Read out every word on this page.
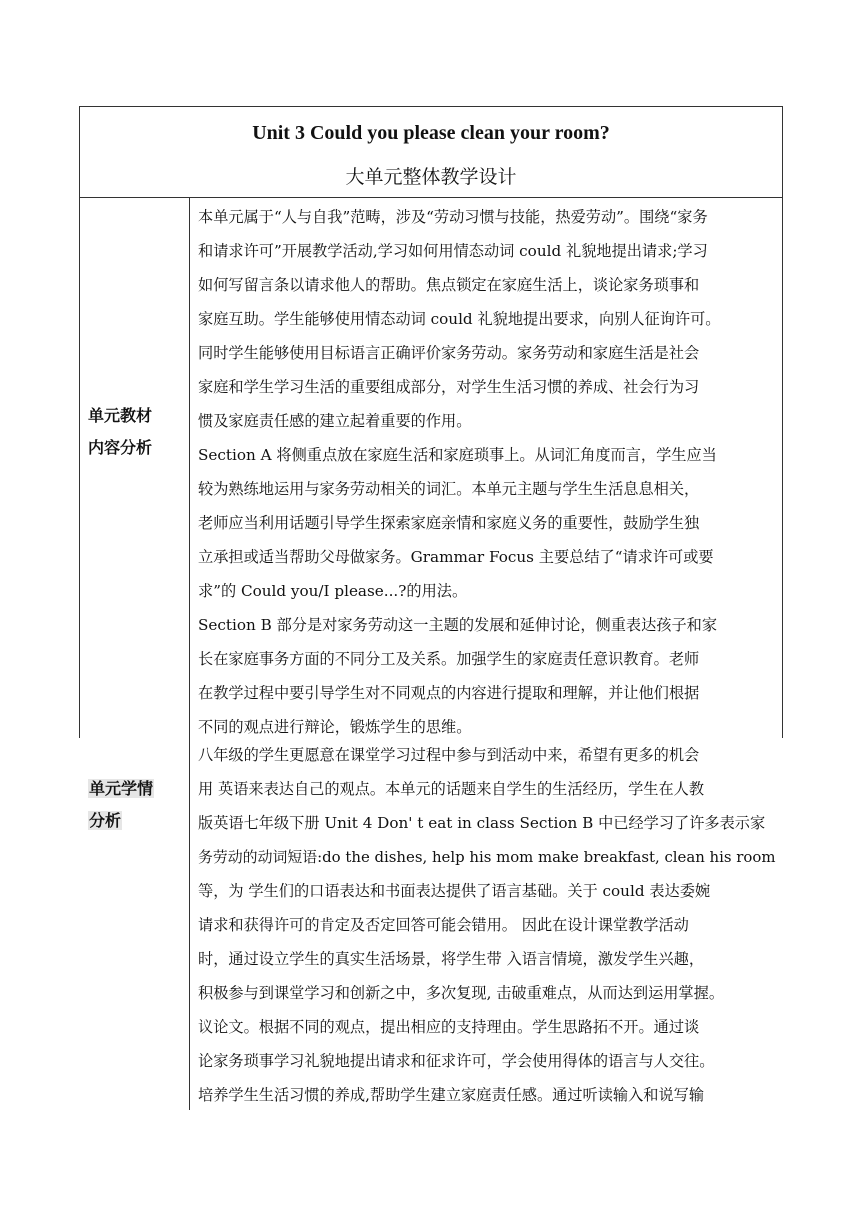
Unit 3 Could you please clean your room?
大单元整体教学设计
单元教材
内容分析
单元学情
分析
本单元属于“人与自我”范畴，涉及“劳动习惯与技能，热爱劳动”。围绕“家务
和请求许可”开展教学活动,学习如何用情态动词 could 礼貌地提出请求;学习
如何写留言条以请求他人的帮助。焦点锁定在家庭生活上，谈论家务琐事和
家庭互助。学生能够使用情态动词 could 礼貌地提出要求，向别人征询许可。
同时学生能够使用目标语言正确评价家务劳动。家务劳动和家庭生活是社会
家庭和学生学习生活的重要组成部分，对学生生活习惯的养成、社会行为习
惯及家庭责任感的建立起着重要的作用。
Section A 将侧重点放在家庭生活和家庭琐事上。从词汇角度而言，学生应当
较为熟练地运用与家务劳动相关的词汇。本单元主题与学生生活息息相关，
老师应当利用话题引导学生探索家庭亲情和家庭义务的重要性，鼓励学生独
立承担或适当帮助父母做家务。Grammar Focus 主要总结了“请求许可或要
求”的 Could you/I please...?的用法。
Section B 部分是对家务劳动这一主题的发展和延伸讨论，侧重表达孩子和家
长在家庭事务方面的不同分工及关系。加强学生的家庭责任意识教育。老师
在教学过程中要引导学生对不同观点的内容进行提取和理解，并让他们根据
不同的观点进行辩论，锻炼学生的思维。
八年级的学生更愿意在课堂学习过程中参与到活动中来，希望有更多的机会
用 英语来表达自己的观点。本单元的话题来自学生的生活经历，学生在人教
版英语七年级下册 Unit 4 Don' t eat in class Section B 中已经学习了许多表示家
务劳动的动词短语:do the dishes, help his mom make breakfast, clean his room
等，为 学生们的口语表达和书面表达提供了语言基础。关于 could 表达委婉
请求和获得许可的肯定及否定回答可能会错用。 因此在设计课堂教学活动
时，通过设立学生的真实生活场景，将学生带 入语言情境，激发学生兴趣，
积极参与到课堂学习和创新之中，多次复现, 击破重难点，从而达到运用掌握。
议论文。根据不同的观点，提出相应的支持理由。学生思路拓不开。通过谈
论家务琐事学习礼貌地提出请求和征求许可，学会使用得体的语言与人交往。
培养学生生活习惯的养成,帮助学生建立家庭责任感。通过听读输入和说写输
